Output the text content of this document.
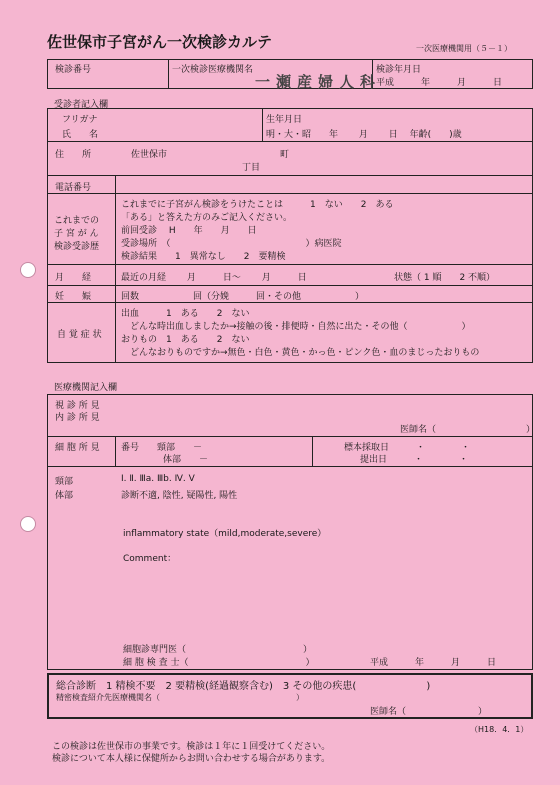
佐世保市子宮がん一次検診カルテ	一次医療機関用（５－１）
検診番号	一次検診医療機関名
一瀬産婦人科
検診年月日
平成　　　年　　　月　　　日
受診者記入欄
フリガナ
氏　　名
生年月日
明・大・昭　　年　　 月　　 日　 年齢(　　)歳
住　　所	佐世保市	町
丁目
電話番号
これまでの
子 宮 が ん
検診受診歴
これまでに子宮がん検診をうけたことは　　　1　ない　　2　ある
「ある」と答えた方のみご記入ください。
前回受診　 H　　年　　月　　日
受診場所　（　　　　　　　　　　　　　　　）病医院
検診結果　　1　異常なし　　2　要精検
月　　経	最近の月経　　 月　　　日～　　 月　　　日	状態（ 1 順　　2 不順）
妊　　娠	回数　　　　　　回（分娩　　　回・その他　　　　　　）
自 覚 症 状
出血　　　1　ある　　2　ない
　どんな時出血しましたか→接触の後・排便時・自然に出た・その他（　　　　　　）
おりもの　1　ある　　2　ない
　どんなおりものですか→無色・白色・黄色・かっ色・ピンク色・血のまじったおりもの
医療機関記入欄
視 診 所 見
内 診 所 見
医師名（　　　　　　　　　　）
細 胞 所 見 番号　　頸部　　－
体部　　－
標本採取日　　　・　　　　・
提出日　　　・　　　　・
頸部	Ⅰ. Ⅱ. Ⅲa. Ⅲb. Ⅳ. Ⅴ
体部	診断不適, 陰性, 疑陽性, 陽性
inflammatory state（mild,moderate,severe）
Comment：
細胞診専門医（　　　　　　　　　　　　　）
細 胞 検 査 士（　　　　　　　　　　　　　）	平成　　　年　　　月　　　日
総合診断　1 精検不要　2 要精検(経過観察含む)　3 その他の疾患(　　　　　　　)
精密検査紹介先医療機関名（　　　　　　　　　　　　　　　　　）
医師名（　　　　　　　　）
（H18．4．1）
この検診は佐世保市の事業です。検診は１年に１回受けてください。
検診について本人様に保健所からお問い合わせする場合があります。
